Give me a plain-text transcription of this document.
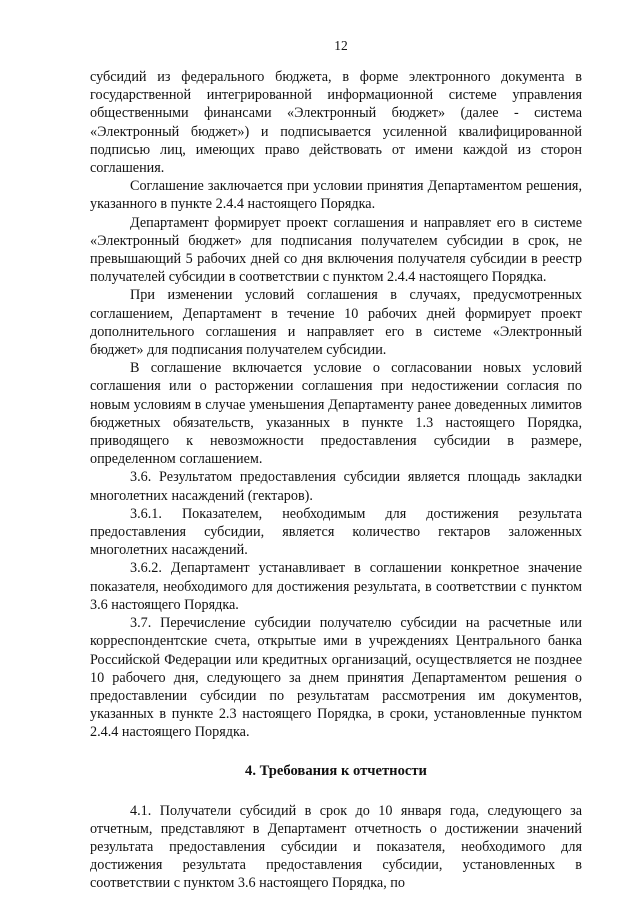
12

субсидий из федерального бюджета, в форме электронного документа в государственной интегрированной информационной системе управления общественными финансами «Электронный бюджет» (далее - система «Электронный бюджет») и подписывается усиленной квалифицированной подписью лиц, имеющих право действовать от имени каждой из сторон соглашения.

Соглашение заключается при условии принятия Департаментом решения, указанного в пункте 2.4.4 настоящего Порядка.

Департамент формирует проект соглашения и направляет его в системе «Электронный бюджет» для подписания получателем субсидии в срок, не превышающий 5 рабочих дней со дня включения получателя субсидии в реестр получателей субсидии в соответствии с пунктом 2.4.4 настоящего Порядка.

При изменении условий соглашения в случаях, предусмотренных соглашением, Департамент в течение 10 рабочих дней формирует проект дополнительного соглашения и направляет его в системе «Электронный бюджет» для подписания получателем субсидии.

В соглашение включается условие о согласовании новых условий соглашения или о расторжении соглашения при недостижении согласия по новым условиям в случае уменьшения Департаменту ранее доведенных лимитов бюджетных обязательств, указанных в пункте 1.3 настоящего Порядка, приводящего к невозможности предоставления субсидии в размере, определенном соглашением.

3.6. Результатом предоставления субсидии является площадь закладки многолетних насаждений (гектаров).

3.6.1. Показателем, необходимым для достижения результата предоставления субсидии, является количество гектаров заложенных многолетних насаждений.

3.6.2. Департамент устанавливает в соглашении конкретное значение показателя, необходимого для достижения результата, в соответствии с пунктом 3.6 настоящего Порядка.

3.7. Перечисление субсидии получателю субсидии на расчетные или корреспондентские счета, открытые ими в учреждениях Центрального банка Российской Федерации или кредитных организаций, осуществляется не позднее 10 рабочего дня, следующего за днем принятия Департаментом решения о предоставлении субсидии по результатам рассмотрения им документов, указанных в пункте 2.3 настоящего Порядка, в сроки, установленные пунктом 2.4.4 настоящего Порядка.

4. Требования к отчетности

4.1. Получатели субсидий в срок до 10 января года, следующего за отчетным, представляют в Департамент отчетность о достижении значений результата предоставления субсидии и показателя, необходимого для достижения результата предоставления субсидии, установленных в соответствии с пунктом 3.6 настоящего Порядка, по
